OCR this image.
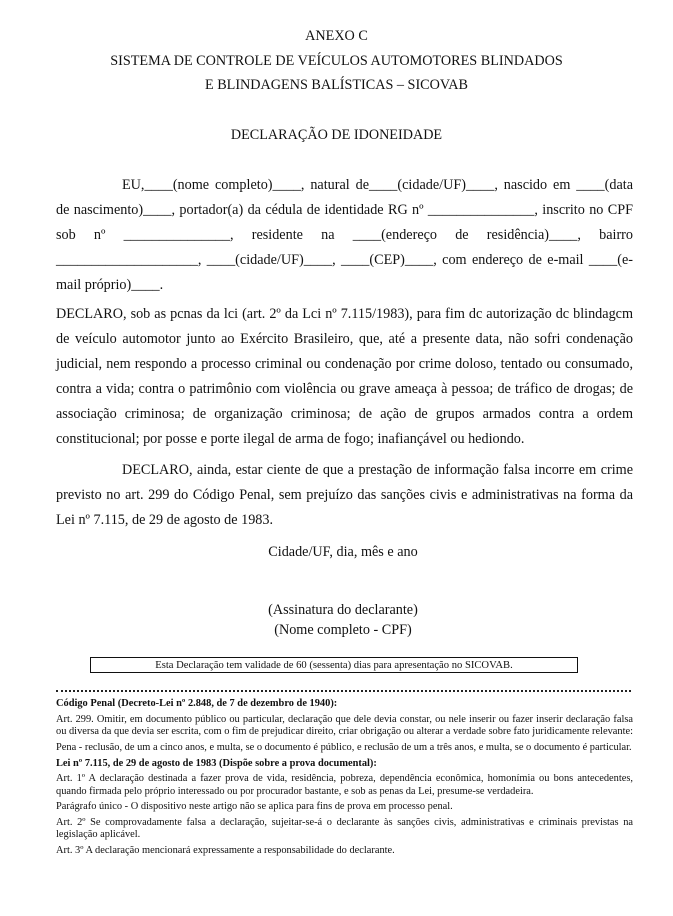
ANEXO C
SISTEMA DE CONTROLE DE VEÍCULOS AUTOMOTORES BLINDADOS
E BLINDAGENS BALÍSTICAS – SICOVAB
DECLARAÇÃO DE IDONEIDADE

EU,____(nome completo)____, natural de____(cidade/UF)____, nascido em ____(data de nascimento)____, portador(a) da cédula de identidade RG nº _______________, inscrito no CPF sob nº _______________, residente na ____(endereço de residência)____, bairro ____________________, ____(cidade/UF)____, ____(CEP)____, com endereço de e-mail ____(e-mail próprio)____.

DECLARO, sob as pcnas da lci (art. 2º da Lci nº 7.115/1983), para fim dc autorização dc blindagcm de veículo automotor junto ao Exército Brasileiro, que, até a presente data, não sofri condenação judicial, nem respondo a processo criminal ou condenação por crime doloso, tentado ou consumado, contra a vida; contra o patrimônio com violência ou grave ameaça à pessoa; de tráfico de drogas; de associação criminosa; de organização criminosa; de ação de grupos armados contra a ordem constitucional; por posse e porte ilegal de arma de fogo; inafiançável ou hediondo.

DECLARO, ainda, estar ciente de que a prestação de informação falsa incorre em crime previsto no art. 299 do Código Penal, sem prejuízo das sanções civis e administrativas na forma da Lei nº 7.115, de 29 de agosto de 1983.

Cidade/UF, dia, mês e ano
(Assinatura do declarante)
(Nome completo - CPF)
Esta Declaração tem validade de 60 (sessenta) dias para apresentação no SICOVAB.

Código Penal (Decreto-Lei nº 2.848, de 7 de dezembro de 1940):

Art. 299. Omitir, em documento público ou particular, declaração que dele devia constar, ou nele inserir ou fazer inserir declaração falsa ou diversa da que devia ser escrita, com o fim de prejudicar direito, criar obrigação ou alterar a verdade sobre fato juridicamente relevante:

Pena - reclusão, de um a cinco anos, e multa, se o documento é público, e reclusão de um a três anos, e multa, se o documento é particular.

Lei nº 7.115, de 29 de agosto de 1983 (Dispõe sobre a prova documental):

Art. 1º A declaração destinada a fazer prova de vida, residência, pobreza, dependência econômica, homonímia ou bons antecedentes, quando firmada pelo próprio interessado ou por procurador bastante, e sob as penas da Lei, presume-se verdadeira.

Parágrafo único - O dispositivo neste artigo não se aplica para fins de prova em processo penal.

Art. 2º Se comprovadamente falsa a declaração, sujeitar-se-á o declarante às sanções civis, administrativas e criminais previstas na legislação aplicável.

Art. 3º A declaração mencionará expressamente a responsabilidade do declarante.
